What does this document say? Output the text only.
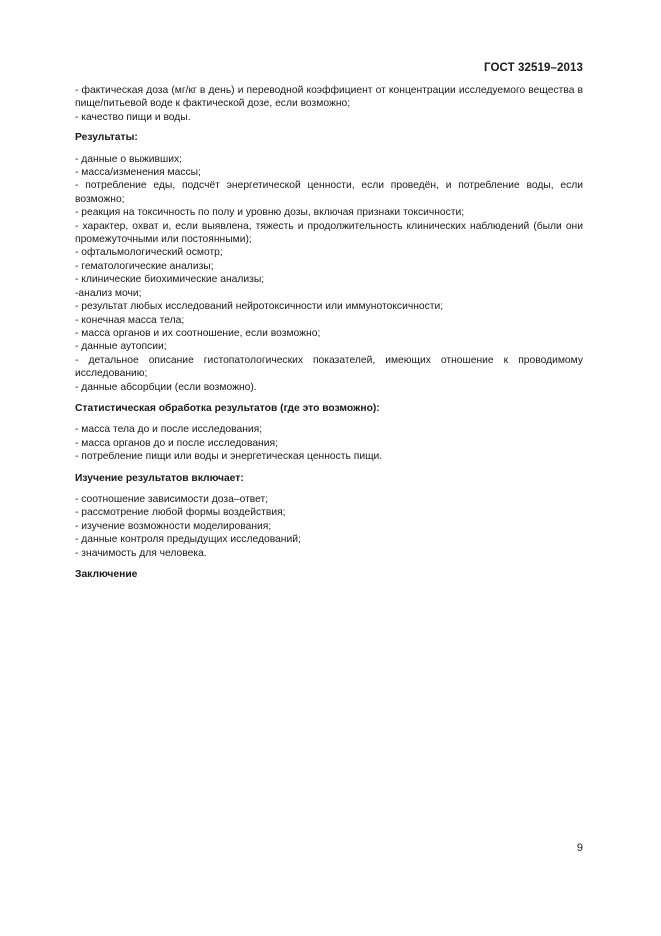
ГОСТ 32519–2013

- фактическая доза (мг/кг в день) и переводной коэффициент от концентрации исследуемого вещества в пище/питьевой воде к фактической дозе, если возможно;

- качество пищи и воды.

Результаты:

- данные о выживших;

- масса/изменения массы;

- потребление еды, подсчёт энергетической ценности, если проведён, и потребление воды, если возможно;

- реакция на токсичность по полу и уровню дозы, включая признаки токсичности;

- характер, охват и, если выявлена, тяжесть и продолжительность клинических наблюдений (были они промежуточными или постоянными);

- офтальмологический осмотр;

- гематологические анализы;

- клинические биохимические анализы;

-анализ мочи;

- результат любых исследований нейротоксичности или иммунотоксичности;

- конечная масса тела;

- масса органов и их соотношение, если возможно;

- данные аутопсии;

- детальное описание гистопатологических показателей, имеющих отношение к проводимому исследованию;

- данные абсорбции (если возможно).

Статистическая обработка результатов (где это возможно):

- масса тела до и после исследования;

- масса органов до и после исследования;

- потребление пищи или воды и энергетическая ценность пищи.

Изучение результатов включает:

- соотношение зависимости доза–ответ;

- рассмотрение любой формы воздействия;

- изучение возможности моделирования;

- данные контроля предыдущих исследований;

- значимость для человека.

Заключение
9
